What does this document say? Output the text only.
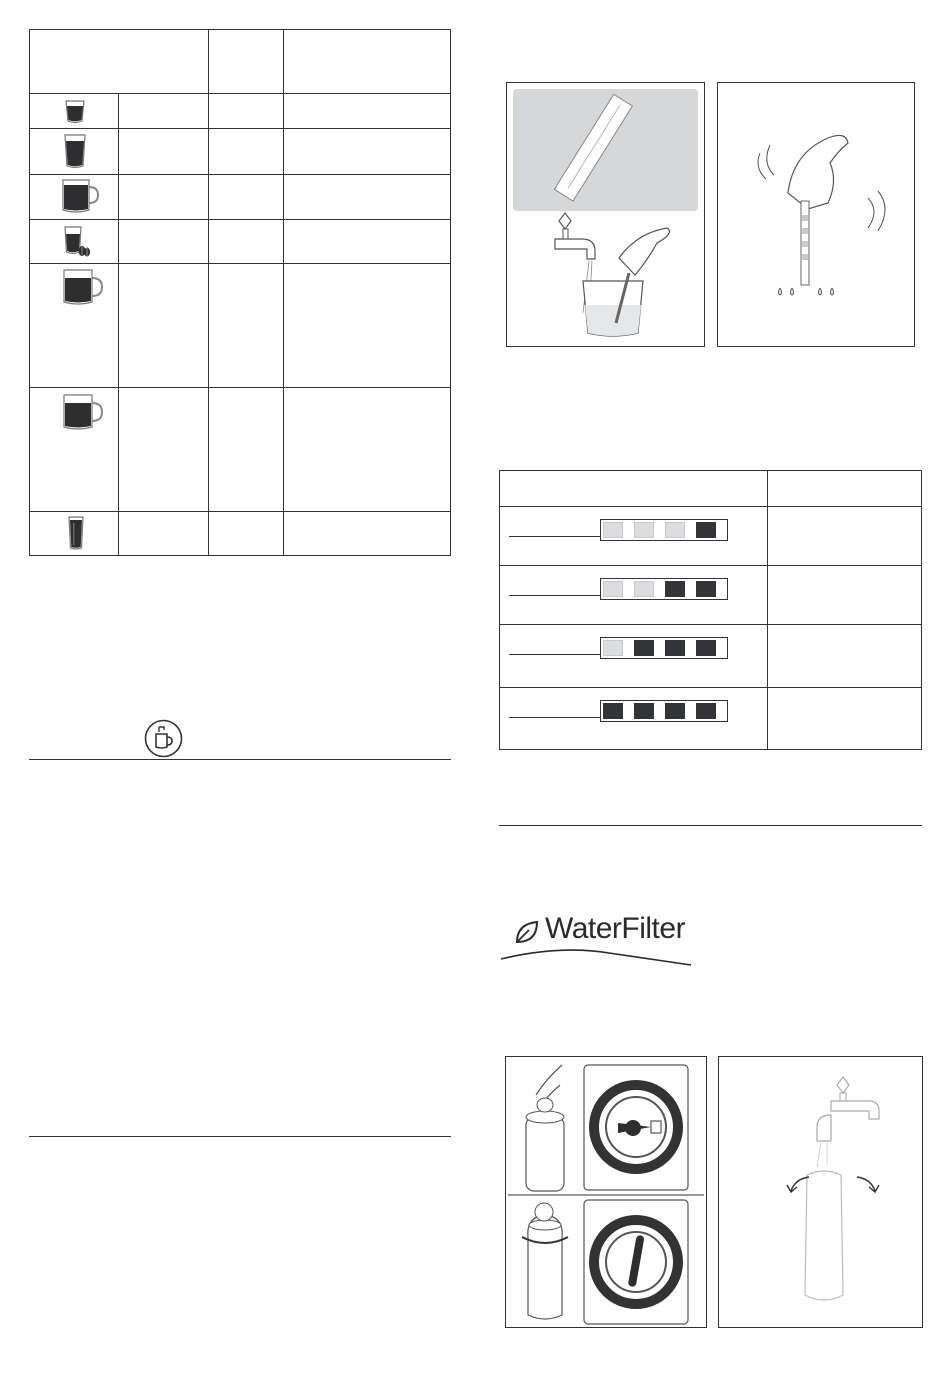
WaterFilter
